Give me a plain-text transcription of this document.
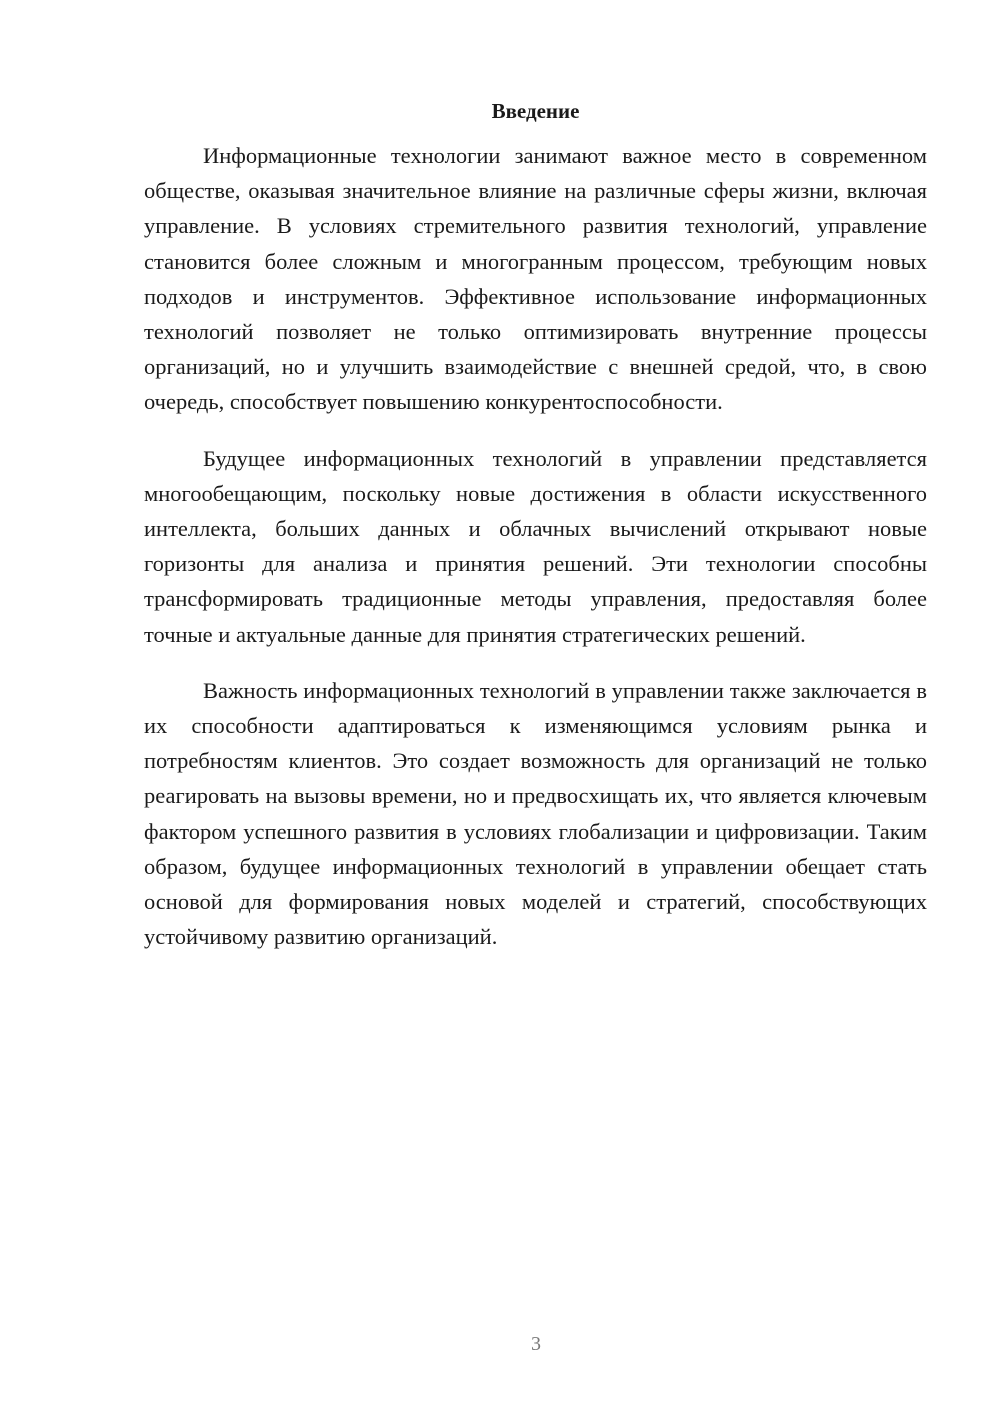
Введение

Информационные технологии занимают важное место в современном обществе, оказывая значительное влияние на различные сферы жизни, включая управление. В условиях стремительного развития технологий, управление становится более сложным и многогранным процессом, требующим новых подходов и инструментов. Эффективное использование информационных технологий позволяет не только оптимизировать внутренние процессы организаций, но и улучшить взаимодействие с внешней средой, что, в свою очередь, способствует повышению конкурентоспособности.

Будущее информационных технологий в управлении представляется многообещающим, поскольку новые достижения в области искусственного интеллекта, больших данных и облачных вычислений открывают новые горизонты для анализа и принятия решений. Эти технологии способны трансформировать традиционные методы управления, предоставляя более точные и актуальные данные для принятия стратегических решений.

Важность информационных технологий в управлении также заключается в их способности адаптироваться к изменяющимся условиям рынка и потребностям клиентов. Это создает возможность для организаций не только реагировать на вызовы времени, но и предвосхищать их, что является ключевым фактором успешного развития в условиях глобализации и цифровизации. Таким образом, будущее информационных технологий в управлении обещает стать основой для формирования новых моделей и стратегий, способствующих устойчивому развитию организаций.

3
